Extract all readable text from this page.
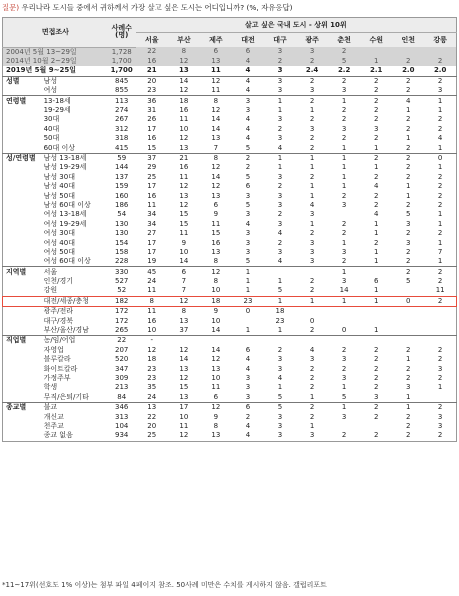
질문) 우리나라 도시들 중에서 귀하께서 가장 살고 싶은 도시는 어디입니까? (%, 자유응답)
면접조사		사례수
(명)	살고 싶은 국내 도시 - 상위 10위									
			서울	부산	제주	대전	대구	광주	춘천	수원	인천	강릉
2004년 5월 13~29일		1,728	22	8	6	6	3	3	2			
2014년 10월 2~29일		1,700	16	12	13	4	2	2	5	1	2	2
2019년 5월 9~25일		1,700	21	13	11	4	3	2.4	2.2	2.1	2.0	2.0
성별	남성	845	20	14	12	4	3	2	2	2	2	2
	여성	855	23	12	11	4	3	3	3	2	2	3
연령별	13-18세	113	36	18	8	3	1	2	1	2	4	1
	19-29세	274	31	16	12	3	1	1	2	2	1	1
	30대	267	26	11	14	4	3	2	2	2	2	2
	40대	312	17	10	14	4	2	3	3	3	2	2
	50대	318	16	12	13	4	3	2	2	2	1	4
	60대 이상	415	15	13	7	5	4	2	1	1	2	1
성/연령별	남성 13-18세	59	37	21	8	2	1	1	1	2	2	0
	남성 19-29세	144	29	16	12	2	1	1	1	1	2	1
	남성 30대	137	25	11	14	5	3	2	1	2	2	2
	남성 40대	159	17	12	12	6	2	1	1	4	1	2
	남성 50대	160	16	13	13	3	3	1	2	2	1	2
	남성 60대 이상	186	11	12	6	5	3	4	3	2	2	2
	여성 13-18세	54	34	15	9	3	2	3		4	5	1
	여성 19-29세	130	34	15	11	4	3	1	2	1	3	1
	여성 30대	130	27	11	15	3	4	2	2	1	2	2
	여성 40대	154	17	9	16	3	2	3	1	2	3	1
	여성 50대	158	17	10	13	3	3	3	3	1	2	7
	여성 60대 이상	228	19	14	8	5	4	3	2	1	2	1
지역별	서울	330	45	6	12	1			1		2	2
	인천/경기	527	24	7	8	1	1	2	3	6	5	2
	강원	52	11	7	10	1	5	2	14	1		11
	대전/세종/충청	182	8	12	18	23	1	1	1	1	0	2
	광주/전라	172	11	8	9	0	18					
	대구/경북	172	16	13	10		23	0				
	부산/울산/경남	265	10	37	14	1	1	2	0	1		
직업별	농/임/어업	22	-									
	자영업	207	12	12	14	6	2	4	2	2	2	2
	블루칼라	520	18	14	12	4	3	3	3	2	1	2
	화이트칼라	347	23	13	13	4	3	2	2	2	2	3
	가정주부	309	23	12	10	3	4	2	3	2	2	2
	학생	213	35	15	11	3	1	2	1	2	3	1
	무직/은퇴/기타	84	24	13	6	3	5	1	5	3	1	
종교별	불교	346	13	17	12	6	5	2	1	2	1	2
	개신교	313	22	10	9	2	3	2	3	2	2	3
	천주교	104	20	11	8	4	3	1			2	3
	종교 없음	934	25	12	13	4	3	3	2	2	2	2
*11~17위(선호도 1% 이상)는 첨부 파일 4페이지 참조. 50사례 미만은 수치를 게시하지 않음. 갤럽리포트
